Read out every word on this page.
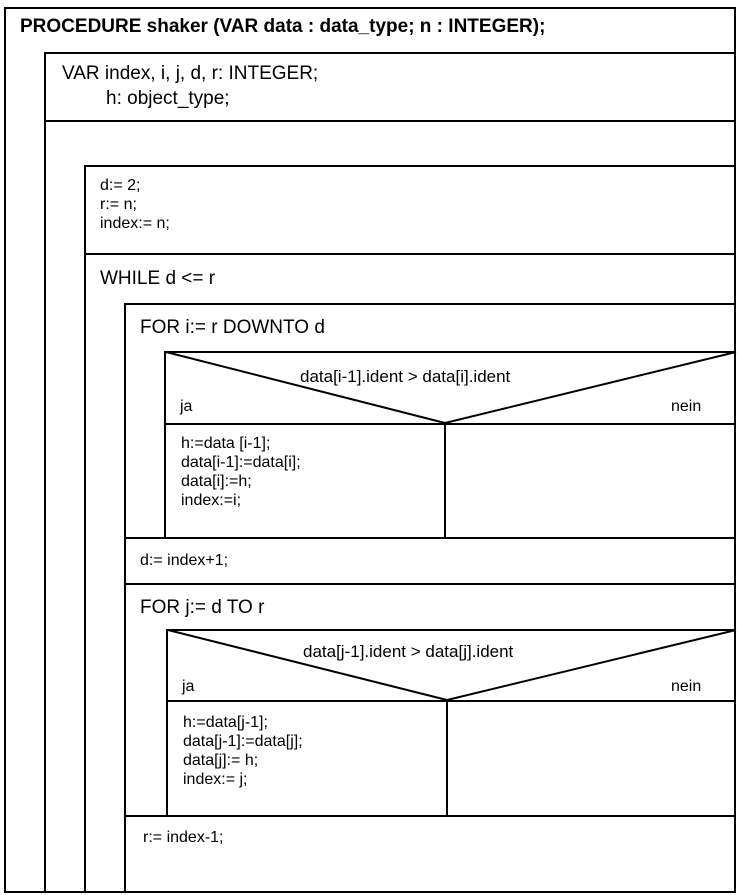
PROCEDURE shaker (VAR data : data_type; n : INTEGER);
VAR index, i, j, d, r: INTEGER;
h: object_type;
d:= 2;
r:= n;
index:= n;
WHILE d <= r
FOR i:= r DOWNTO d
data[i-1].ident > data[i].ident
ja	nein
h:=data [i-1];
data[i-1]:=data[i];
data[i]:=h;
index:=i;
d:= index+1;
FOR j:= d TO r
data[j-1].ident > data[j].ident
ja	nein
h:=data[j-1];
data[j-1]:=data[j];
data[j]:= h;
index:= j;
r:= index-1;
